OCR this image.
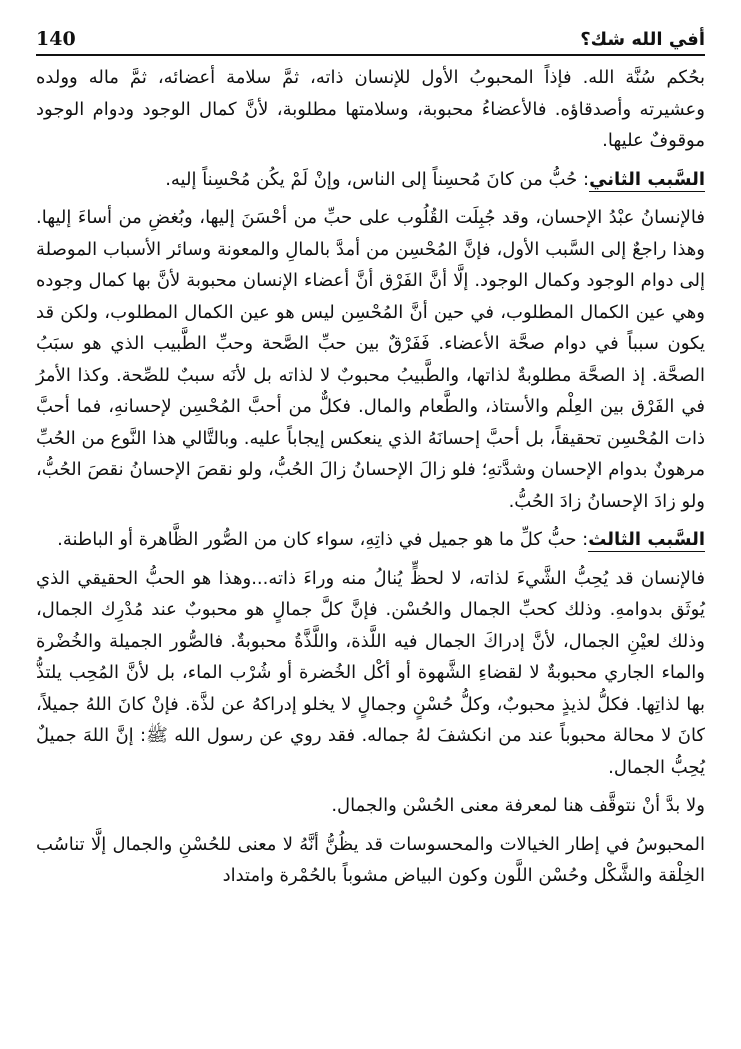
140	أفي الله شك؟

بحُكم سُنَّة الله. فإذاً المحبوبُ الأول للإنسان ذاته، ثمَّ سلامة أعضائه، ثمَّ ماله وولده وعشيرته وأصدقاؤه. فالأعضاءُ محبوبة، وسلامتها مطلوبة، لأنَّ كمال الوجود ودوام الوجود موقوفٌ عليها.

السَّبب الثاني: حُبُّ من كانَ مُحسِناً إلى الناس، وإنْ لَمْ يكُن مُحْسِناً إليه.

فالإنسانُ عبْدُ الإحسان، وقد جُبِلَت القُلُوب على حبِّ من أحْسَنَ إليها، وبُغضِ من أساءَ إليها. وهذا راجعٌ إلى السَّبب الأول، فإنَّ المُحْسِن من أمدَّ بالمالِ والمعونة وسائر الأسباب الموصلة إلى دوام الوجود وكمال الوجود. إلَّا أنَّ الفَرْق أنَّ أعضاء الإنسان محبوبة لأنَّ بها كمال وجوده وهي عين الكمال المطلوب، في حين أنَّ المُحْسِن ليس هو عين الكمال المطلوب، ولكن قد يكون سبباً في دوام صحَّة الأعضاء. فَفَرْقٌ بين حبِّ الصَّحة وحبِّ الطَّبيب الذي هو سبَبُ الصحَّة. إذ الصحَّة مطلوبةٌ لذاتها، والطَّبيبُ محبوبٌ لا لذاته بل لأنَه سببٌ للصِّحة. وكذا الأمرُ في الفَرْق بين العِلْم والأستاذ، والطَّعام والمال. فكلٌّ من أحبَّ المُحْسِن لإحسانهِ، فما أحبَّ ذات المُحْسِن تحقيقاً، بل أحبَّ إحسانَهُ الذي ينعكس إيجاباً عليه. وبالتَّالي هذا النَّوع من الحُبِّ مرهونٌ بدوام الإحسان وشدَّتهِ؛ فلو زالَ الإحسانُ زالَ الحُبُّ، ولو نقصَ الإحسانُ نقصَ الحُبُّ، ولو زادَ الإحسانُ زادَ الحُبُّ.

السَّبب الثالث: حبُّ كلِّ ما هو جميل في ذاتِهِ، سواء كان من الصُّور الظَّاهرة أو الباطنة.

فالإنسان قد يُحِبُّ الشَّيءَ لذاته، لا لحظٍّ يُنالُ منه وراءَ ذاته...وهذا هو الحبُّ الحقيقي الذي يُوثَق بدوامهِ. وذلك كحبِّ الجمال والحُسْن. فإنَّ كلَّ جمالٍ هو محبوبٌ عند مُدْرِك الجمال، وذلك لعيْنِ الجمال، لأنَّ إدراكَ الجمال فيه اللَّذة، واللَّذَّةُ محبوبةٌ. فالصُّور الجميلة والخُضْرة والماء الجاري محبوبةٌ لا لقضاءِ الشَّهوة أو أكْل الخُضرة أو شُرْب الماء، بل لأنَّ المُحِب يلتذُّ بها لذاتِها. فكلُّ لذيذٍ محبوبٌ، وكلُّ حُسْنٍ وجمالٍ لا يخلو إدراكهُ عن لذَّة. فإنْ كانَ اللهُ جميلاً، كانَ لا محالة محبوباً عند من انكشفَ لهُ جماله. فقد روي عن رسول الله ﷺ: إنَّ اللهَ جميلٌ يُحِبُّ الجمال.

ولا بدَّ أنْ نتوقَّف هنا لمعرفة معنى الحُسْن والجمال.

المحبوسُ في إطار الخيالات والمحسوسات قد يظُنُّ أنَّهُ لا معنى للحُسْنِ والجمال إلَّا تناسُب الخِلْقة والشَّكْل وحُسْن اللَّون وكون البياض مشوباً بالحُمْرة وامتداد
